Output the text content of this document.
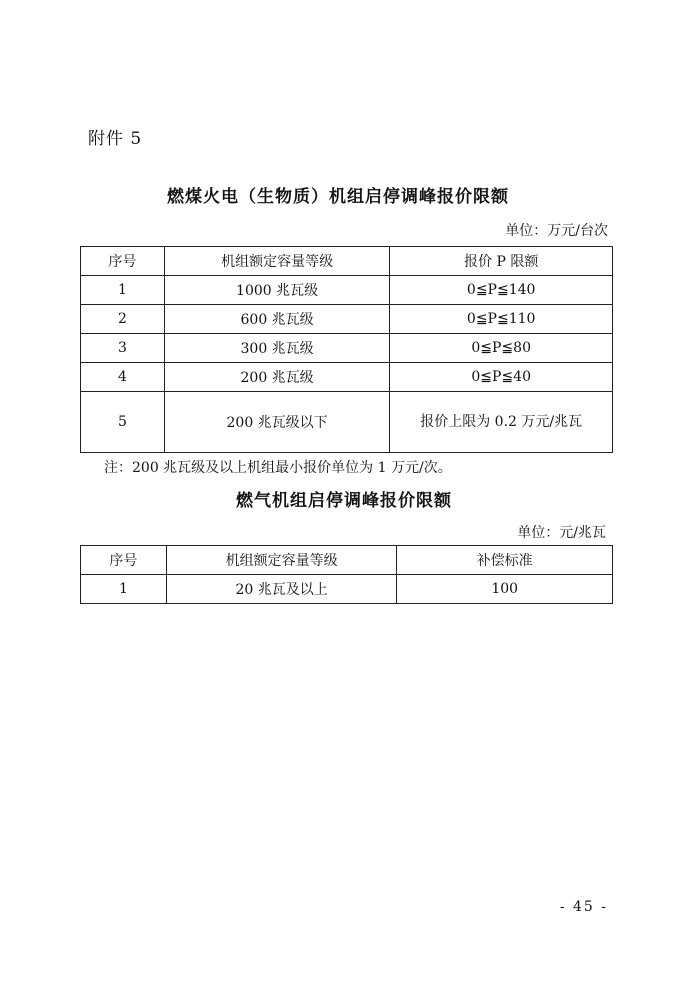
附件 5
燃煤火电（生物质）机组启停调峰报价限额
单位：万元/台次
序号	机组额定容量等级	报价 P 限额
1	1000 兆瓦级	0≦P≦140
2	600 兆瓦级	0≦P≦110
3	300 兆瓦级	0≦P≦80
4	200 兆瓦级	0≦P≦40
5	200 兆瓦级以下	报价上限为 0.2 万元/兆瓦
注：200 兆瓦级及以上机组最小报价单位为 1 万元/次。
燃气机组启停调峰报价限额
单位：元/兆瓦
序号	机组额定容量等级	补偿标准
1	20 兆瓦及以上	100
- 45 -
